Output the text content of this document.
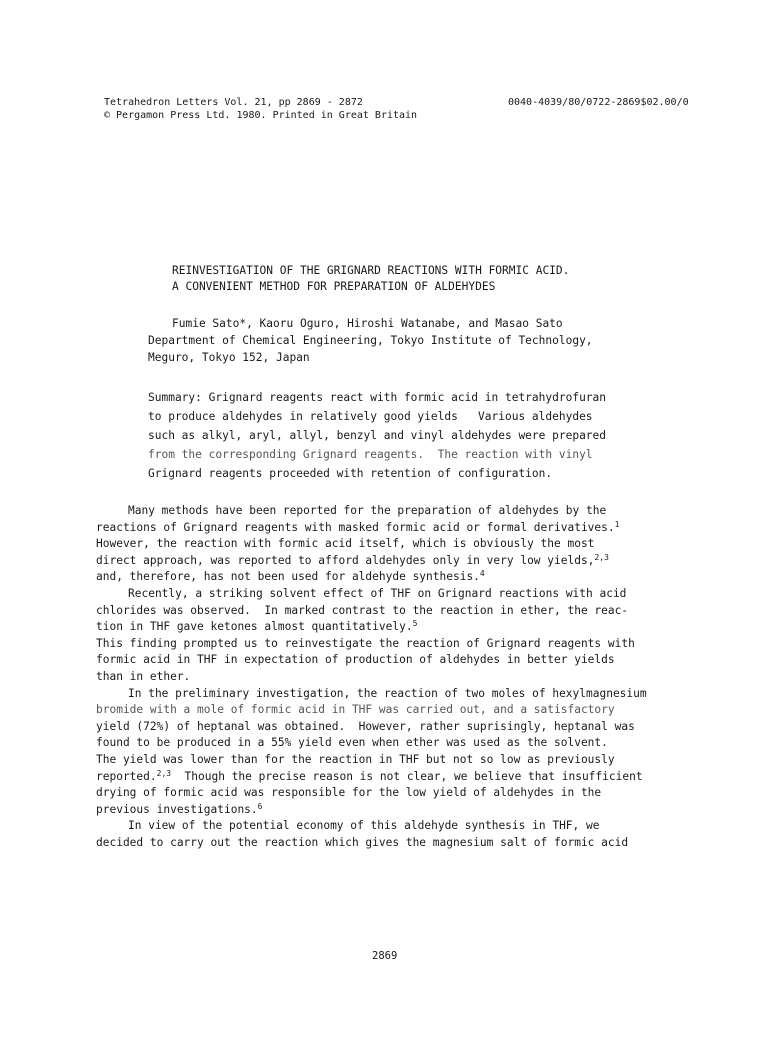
Tetrahedron Letters Vol. 21, pp 2869 - 2872
© Pergamon Press Ltd. 1980. Printed in Great Britain
0040-4039/80/0722-2869$02.00/0
REINVESTIGATION OF THE GRIGNARD REACTIONS WITH FORMIC ACID.
A CONVENIENT METHOD FOR PREPARATION OF ALDEHYDES
Fumie Sato*, Kaoru Oguro, Hiroshi Watanabe, and Masao Sato
Department of Chemical Engineering, Tokyo Institute of Technology,
Meguro, Tokyo 152, Japan
Summary: Grignard reagents react with formic acid in tetrahydrofuran
to produce aldehydes in relatively good yields   Various aldehydes
such as alkyl, aryl, allyl, benzyl and vinyl aldehydes were prepared
from the corresponding Grignard reagents.  The reaction with vinyl
Grignard reagents proceeded with retention of configuration.
Many methods have been reported for the preparation of aldehydes by the
reactions of Grignard reagents with masked formic acid or formal derivatives.$^1$
However, the reaction with formic acid itself, which is obviously the most
direct approach, was reported to afford aldehydes only in very low yields,$^{2,3}$
and, therefore, has not been used for aldehyde synthesis.$^4$
Recently, a striking solvent effect of THF on Grignard reactions with acid
chlorides was observed.  In marked contrast to the reaction in ether, the reac-
tion in THF gave ketones almost quantitatively.$^5$
This finding prompted us to reinvestigate the reaction of Grignard reagents with
formic acid in THF in expectation of production of aldehydes in better yields
than in ether.
In the preliminary investigation, the reaction of two moles of hexylmagnesium
bromide with a mole of formic acid in THF was carried out, and a satisfactory
yield (72%) of heptanal was obtained.  However, rather suprisingly, heptanal was
found to be produced in a 55% yield even when ether was used as the solvent.
The yield was lower than for the reaction in THF but not so low as previously
reported.$^{2,3}$  Though the precise reason is not clear, we believe that insufficient
drying of formic acid was responsible for the low yield of aldehydes in the
previous investigations.$^6$
In view of the potential economy of this aldehyde synthesis in THF, we
decided to carry out the reaction which gives the magnesium salt of formic acid
2869
